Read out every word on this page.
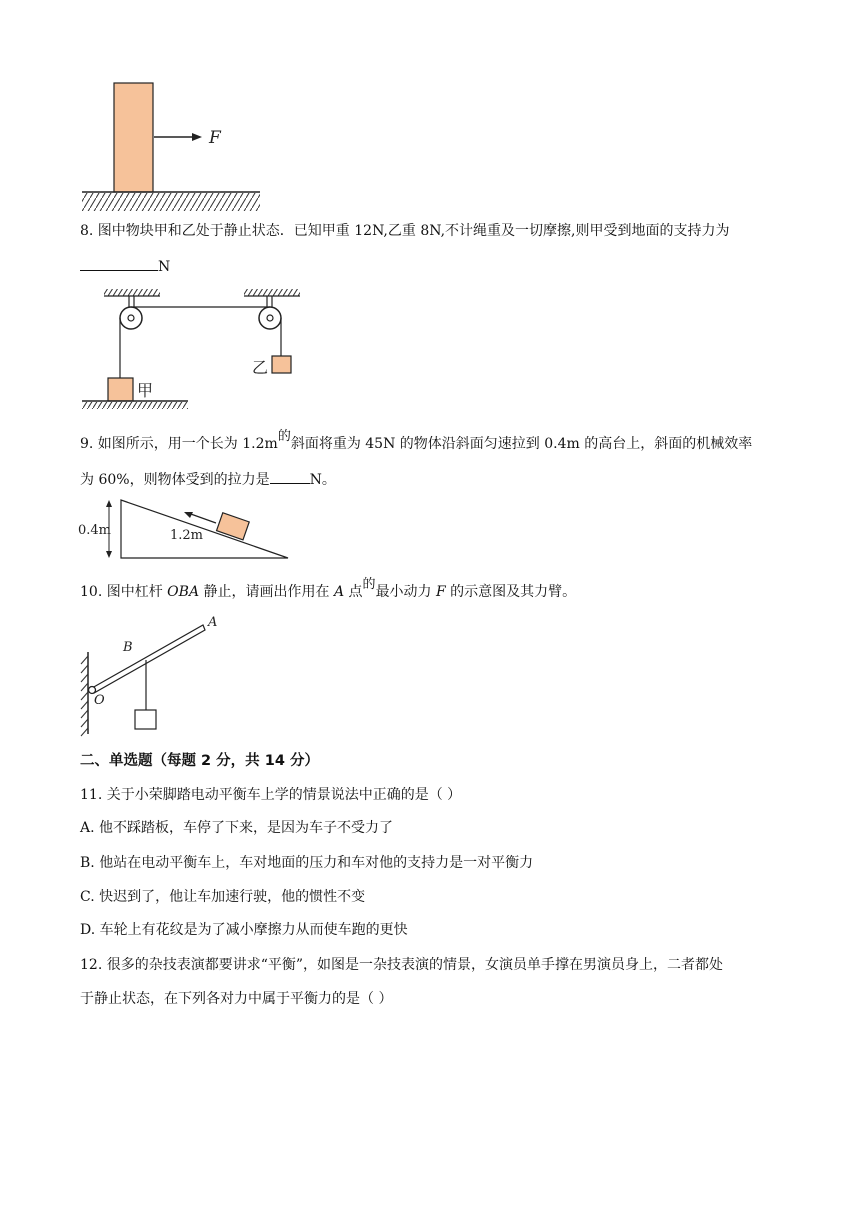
F
8. 图中物块甲和乙处于静止状态．已知甲重 12N,乙重 8N,不计绳重及一切摩擦,则甲受到地面的支持力为
N
甲
乙
9. 如图所示，用一个长为 1.2m的斜面将重为 45N 的物体沿斜面匀速拉到 0.4m 的高台上，斜面的机械效率
为 60%，则物体受到的拉力是	N。
0.4m	1.2m
10. 图中杠杆 OBA 静止，请画出作用在 A 点的最小动力 F 的示意图及其力臂。
A
B
O
二、单选题（每题 2 分，共 14 分）
11. 关于小荣脚踏电动平衡车上学的情景说法中正确的是（ ）
A. 他不踩踏板，车停了下来，是因为车子不受力了
B. 他站在电动平衡车上，车对地面的压力和车对他的支持力是一对平衡力
C. 快迟到了，他让车加速行驶，他的惯性不变
D. 车轮上有花纹是为了减小摩擦力从而使车跑的更快
12. 很多的杂技表演都要讲求“平衡”，如图是一杂技表演的情景，女演员单手撑在男演员身上，二者都处
于静止状态，在下列各对力中属于平衡力的是（ ）
